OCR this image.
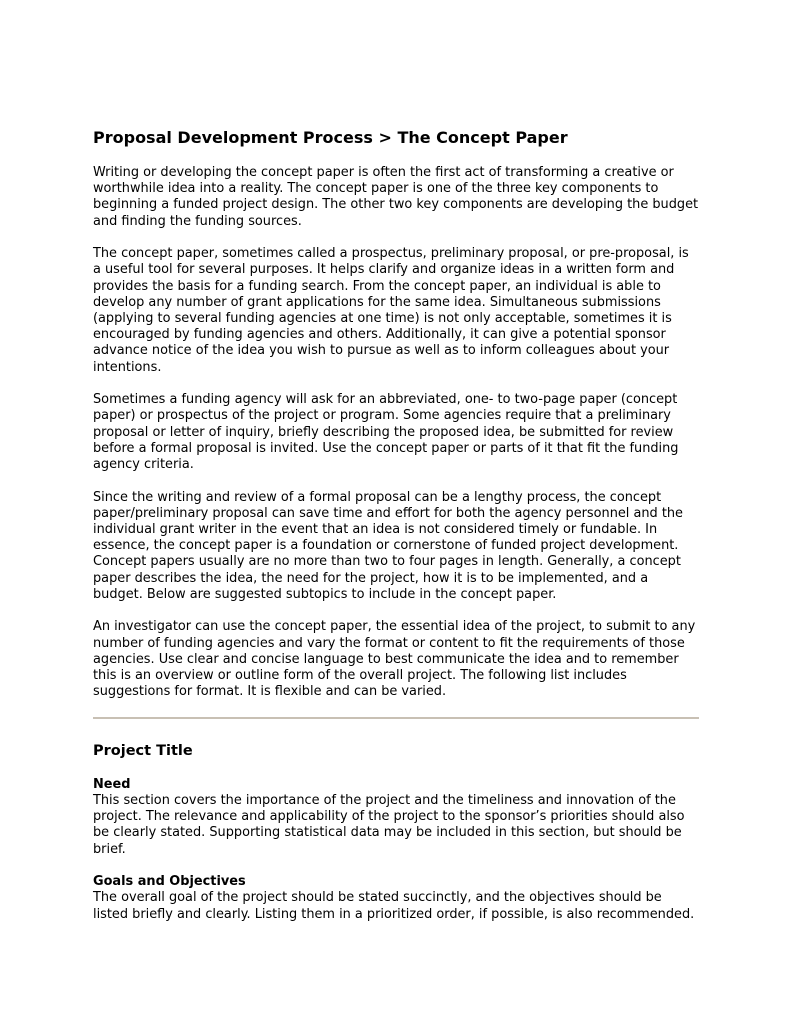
Proposal Development Process > The Concept Paper

Writing or developing the concept paper is often the first act of transforming a creative or worthwhile idea into a reality. The concept paper is one of the three key components to beginning a funded project design. The other two key components are developing the budget and finding the funding sources.

The concept paper, sometimes called a prospectus, preliminary proposal, or pre-proposal, is a useful tool for several purposes. It helps clarify and organize ideas in a written form and provides the basis for a funding search. From the concept paper, an individual is able to develop any number of grant applications for the same idea. Simultaneous submissions (applying to several funding agencies at one time) is not only acceptable, sometimes it is encouraged by funding agencies and others. Additionally, it can give a potential sponsor advance notice of the idea you wish to pursue as well as to inform colleagues about your intentions.

Sometimes a funding agency will ask for an abbreviated, one- to two-page paper (concept paper) or prospectus of the project or program. Some agencies require that a preliminary proposal or letter of inquiry, briefly describing the proposed idea, be submitted for review before a formal proposal is invited. Use the concept paper or parts of it that fit the funding agency criteria.

Since the writing and review of a formal proposal can be a lengthy process, the concept paper/preliminary proposal can save time and effort for both the agency personnel and the individual grant writer in the event that an idea is not considered timely or fundable. In essence, the concept paper is a foundation or cornerstone of funded project development. Concept papers usually are no more than two to four pages in length. Generally, a concept paper describes the idea, the need for the project, how it is to be implemented, and a budget. Below are suggested subtopics to include in the concept paper.

An investigator can use the concept paper, the essential idea of the project, to submit to any number of funding agencies and vary the format or content to fit the requirements of those agencies. Use clear and concise language to best communicate the idea and to remember this is an overview or outline form of the overall project. The following list includes suggestions for format. It is flexible and can be varied.

Project Title
Need

This section covers the importance of the project and the timeliness and innovation of the project. The relevance and applicability of the project to the sponsor’s priorities should also be clearly stated. Supporting statistical data may be included in this section, but should be brief.

Goals and Objectives

The overall goal of the project should be stated succinctly, and the objectives should be listed briefly and clearly. Listing them in a prioritized order, if possible, is also recommended.
